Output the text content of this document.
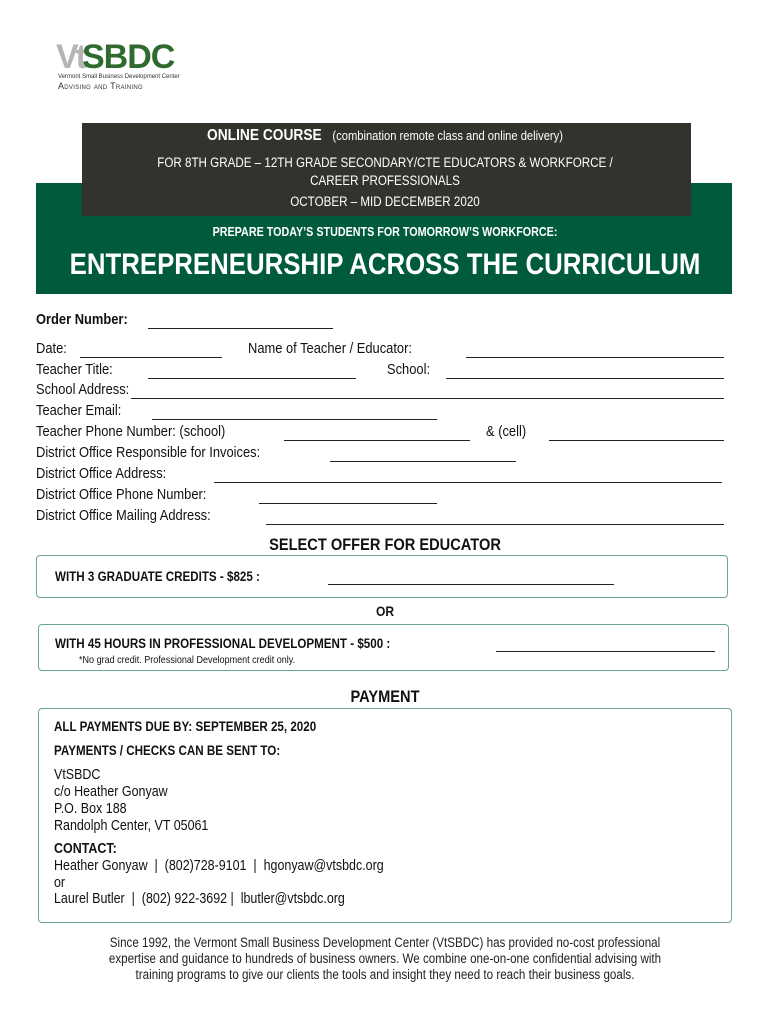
Vt
SBDC
Vermont Small Business Development Center
Advising and Training
ONLINE COURSE (combination remote class and online delivery)
FOR 8TH GRADE – 12TH GRADE SECONDARY/CTE EDUCATORS & WORKFORCE /
CAREER PROFESSIONALS
OCTOBER – MID DECEMBER 2020
PREPARE TODAY’S STUDENTS FOR TOMORROW’S WORKFORCE:
ENTREPRENEURSHIP ACROSS THE CURRICULUM
Order Number:
Date:	Name of Teacher / Educator:
Teacher Title:	School:
School Address:
Teacher Email:
Teacher Phone Number: (school)	& (cell)
District Office Responsible for Invoices:
District Office Address:
District Office Phone Number:
District Office Mailing Address:
SELECT OFFER FOR EDUCATOR
WITH 3 GRADUATE CREDITS - $825 :
OR
WITH 45 HOURS IN PROFESSIONAL DEVELOPMENT - $500 :
*No grad credit. Professional Development credit only.
PAYMENT
ALL PAYMENTS DUE BY: SEPTEMBER 25, 2020
PAYMENTS / CHECKS CAN BE SENT TO:
VtSBDC
c/o Heather Gonyaw
P.O. Box 188
Randolph Center, VT 05061
CONTACT:
Heather Gonyaw  |  (802)728-9101  |  hgonyaw@vtsbdc.org
or
Laurel Butler  |  (802) 922-3692 |  lbutler@vtsbdc.org
Since 1992, the Vermont Small Business Development Center (VtSBDC) has provided no-cost professional
expertise and guidance to hundreds of business owners. We combine one-on-one confidential advising with
training programs to give our clients the tools and insight they need to reach their business goals.
